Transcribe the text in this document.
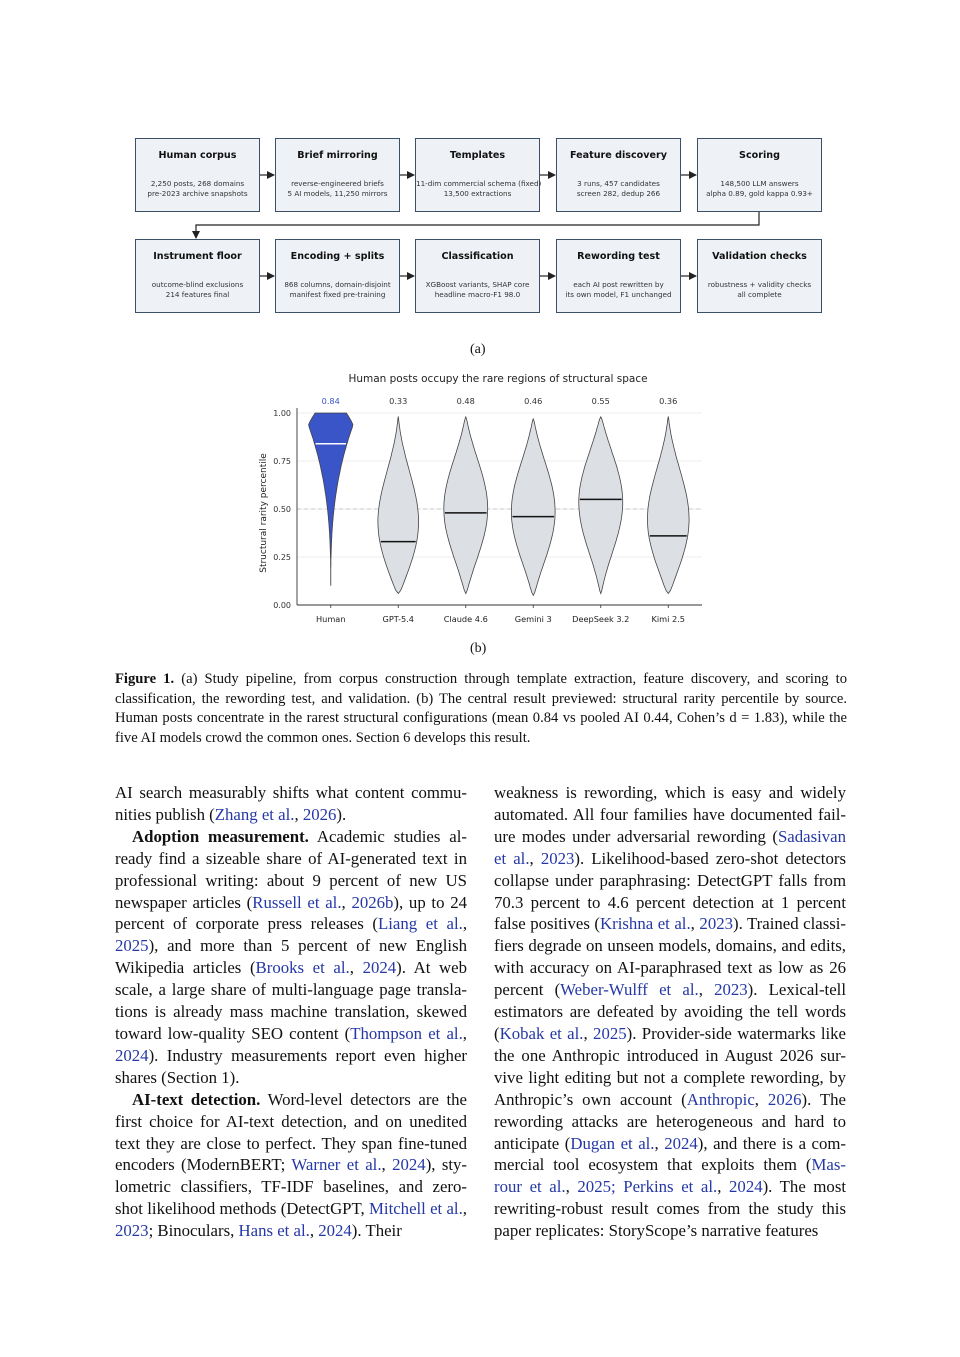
Human corpus
2,250 posts, 268 domains
pre-2023 archive snapshots
Brief mirroring
reverse-engineered briefs
5 AI models, 11,250 mirrors
Templates
11-dim commercial schema (fixed)
13,500 extractions
Feature discovery
3 runs, 457 candidates
screen 282, dedup 266
Scoring
148,500 LLM answers
alpha 0.89, gold kappa 0.93+
Instrument floor
outcome-blind exclusions
214 features final
Encoding + splits
868 columns, domain-disjoint
manifest fixed pre-training
Classification
XGBoost variants, SHAP core
headline macro-F1 98.0
Rewording test
each AI post rewritten by
its own model, F1 unchanged
Validation checks
robustness + validity checks
all complete
(a)
Human posts occupy the rare regions of structural space
Structural rarity percentile
0.00
0.25
0.50
0.75
1.00
0.84
Human
0.33
GPT-5.4
0.48
Claude 4.6
0.46
Gemini 3
0.55
DeepSeek 3.2
0.36
Kimi 2.5
(b)
Figure 1. (a) Study pipeline, from corpus construction through template extraction, feature discovery, and scoring to classification, the rewording test, and validation. (b) The central result previewed: structural rarity percentile by source. Human posts concentrate in the rarest structural configurations (mean 0.84 vs pooled AI 0.44, Cohen’s d = 1.83), while the five AI models crowd the common ones. Section 6 develops this result.

AI search measurably shifts what content commu- nities publish (Zhang et al., 2026).

Adoption measurement. Academic studies al- ready find a sizeable share of AI-generated text in professional writing: about 9 percent of new US newspaper articles (Russell et al., 2026b), up to 24 percent of corporate press releases (Liang et al., 2025), and more than 5 percent of new English Wikipedia articles (Brooks et al., 2024). At web scale, a large share of multi-language page transla- tions is already mass machine translation, skewed toward low-quality SEO content (Thompson et al., 2024). Industry measurements report even higher shares (Section 1).

AI-text detection. Word-level detectors are the first choice for AI-text detection, and on unedited text they are close to perfect. They span fine-tuned encoders (ModernBERT; Warner et al., 2024), sty- lometric classifiers, TF-IDF baselines, and zero- shot likelihood methods (DetectGPT, Mitchell et al., 2023; Binoculars, Hans et al., 2024). Their

weakness is rewording, which is easy and widely automated. All four families have documented fail- ure modes under adversarial rewording (Sadasivan et al., 2023). Likelihood-based zero-shot detectors collapse under paraphrasing: DetectGPT falls from 70.3 percent to 4.6 percent detection at 1 percent false positives (Krishna et al., 2023). Trained classi- fiers degrade on unseen models, domains, and edits, with accuracy on AI-paraphrased text as low as 26 percent (Weber-Wulff et al., 2023). Lexical-tell estimators are defeated by avoiding the tell words (Kobak et al., 2025). Provider-side watermarks like the one Anthropic introduced in August 2026 sur- vive light editing but not a complete rewording, by Anthropic’s own account (Anthropic, 2026). The rewording attacks are heterogeneous and hard to anticipate (Dugan et al., 2024), and there is a com- mercial tool ecosystem that exploits them (Mas- rour et al., 2025; Perkins et al., 2024). The most rewriting-robust result comes from the study this paper replicates: StoryScope’s narrative features
